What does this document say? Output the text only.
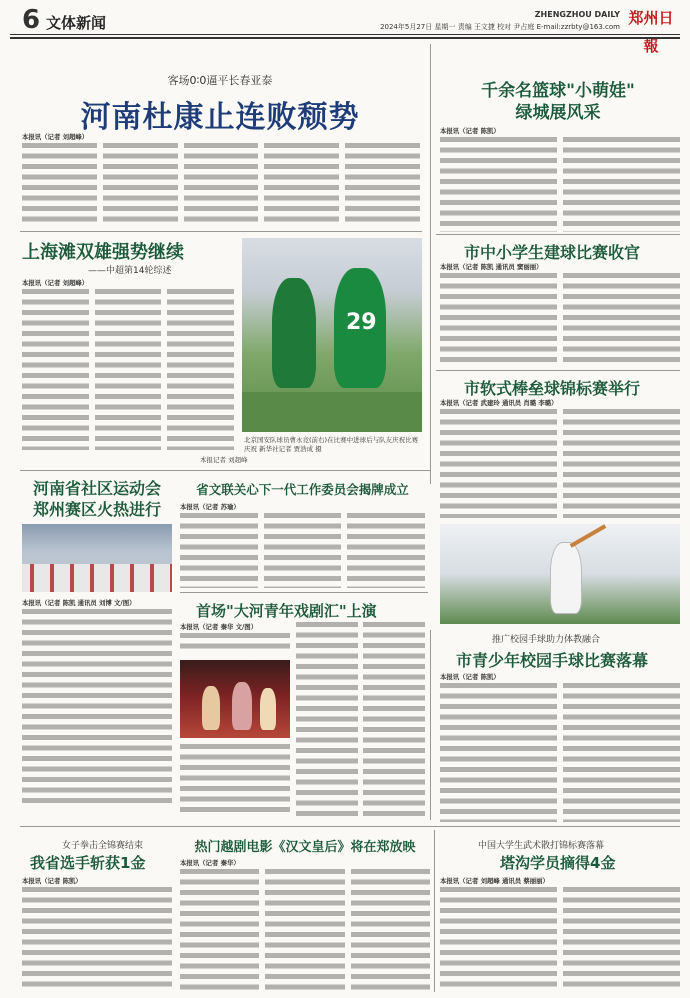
6 文体新闻	ZHENGZHOU DAILY
2024年5月27日 星期一 责编 王文捷 校对 尹占庭 E-mail:zzrbty@163.com 郑州日報
客场0∶0逼平长春亚泰
河南杜康止连败颓势
本报讯（记者 刘超峰）
上海滩双雄强势继续
——中超第14轮综述
本报讯（记者 刘超峰）
本报记者 刘超峰
29
北京国安队球员曹永竞(前右)在比赛中进球后与队友庆祝比赛庆祝 新华社记者 贾浩成 摄
千余名篮球"小萌娃"
绿城展风采
本报讯（记者 陈凯）
市中小学生建球比赛收官
本报讯（记者 陈凯 通讯员 窦丽丽）
市软式棒垒球锦标赛举行
本报讯（记者 武建玲 通讯员 肖璐 李璐）
河南省社区运动会
郑州赛区火热进行
本报讯（记者 陈凯 通讯员 刘博 文/图）
省文联关心下一代工作委员会揭牌成立
本报讯（记者 苏瑜）
首场"大河青年戏剧汇"上演
本报讯（记者 秦华 文/图）
推广校园手球助力体教融合
市青少年校园手球比赛落幕
本报讯（记者 陈凯）
女子拳击全锦赛结束
我省选手斩获1金
本报讯（记者 陈凯）
热门越剧电影《汉文皇后》将在郑放映
本报讯（记者 秦华）
中国大学生武术散打锦标赛落幕
塔沟学员摘得4金
本报讯（记者 刘超峰 通讯员 蔡丽丽）
